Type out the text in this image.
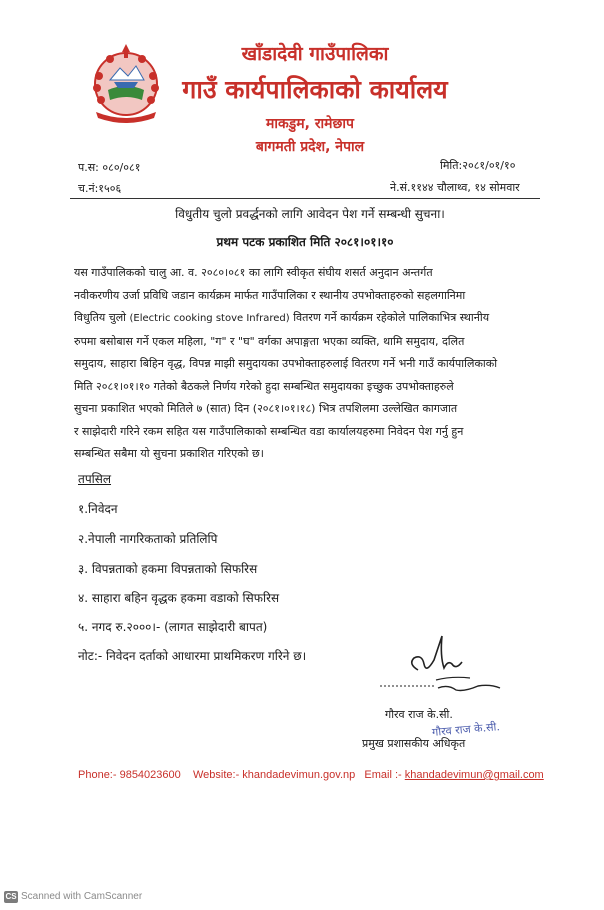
खाँडादेवी गाउँपालिका
गाउँ कार्यपालिकाको कार्यालय
माकडुम, रामेछाप
बागमती प्रदेश, नेपाल
प.स: ०८०/०८१
च.नं:१५०६
मिति:२०८१/०१/१०
ने.सं.११४४ चौलाथ्व, १४ सोमवार
विधुतीय चुलो प्रवर्द्धनको लागि आवेदन पेश गर्ने सम्बन्धी सुचना।
प्रथम पटक प्रकाशित मिति २०८१।०१।१०
यस गाउँपालिकको चालु आ. व. २०८०।०८१ का लागि स्वीकृत संघीय शसर्त अनुदान अन्तर्गत
नवीकरणीय उर्जा प्रविधि जडान कार्यक्रम मार्फत गाउँपालिका र स्थानीय उपभोक्ताहरुको सहलगानिमा
विधुतिय चुलो (Electric cooking stove Infrared) वितरण गर्ने कार्यक्रम रहेकोले पालिकाभित्र स्थानीय
रुपमा बसोबास गर्ने एकल महिला, "ग" र "घ" वर्गका अपाङ्गता भएका व्यक्ति, थामि समुदाय, दलित
समुदाय, साहारा बिहिन वृद्ध, विपन्न माझी समुदायका उपभोक्ताहरुलाई वितरण गर्ने भनी गाउँ कार्यपालिकाको
मिति २०८१।०१।१० गतेको बैठकले निर्णय गरेको हुदा सम्बन्धित समुदायका इच्छुक उपभोक्ताहरुले
सुचना प्रकाशित भएको मितिले ७ (सात) दिन (२०८१।०१।१८) भित्र तपशिलमा उल्लेखित कागजात
र साझेदारी गरिने रकम सहित यस गाउँपालिकाको सम्बन्धित वडा कार्यालयहरुमा निवेदन पेश गर्नु हुन
सम्बन्धित सबैमा यो सुचना प्रकाशित गरिएको छ।
तपसिल
१.निवेदन
२.नेपाली नागरिकताको प्रतिलिपि
३. विपन्नताको हकमा विपन्नताको सिफरिस
४. साहारा बहिन वृद्धक हकमा वडाको सिफरिस
५. नगद रु.२०००।- (लागत साझेदारी बापत)
नोट:- निवेदन दर्ताको आधारमा प्राथमिकरण गरिने छ।
गौरव राज के.सी.
गौरव राज के.सी.
प्रमुख प्रशासकीय अधिकृत
Phone:- 9854023600 Website:- khandadevimun.gov.np Email :- khandadevimun@gmail.com
CS Scanned with CamScanner
